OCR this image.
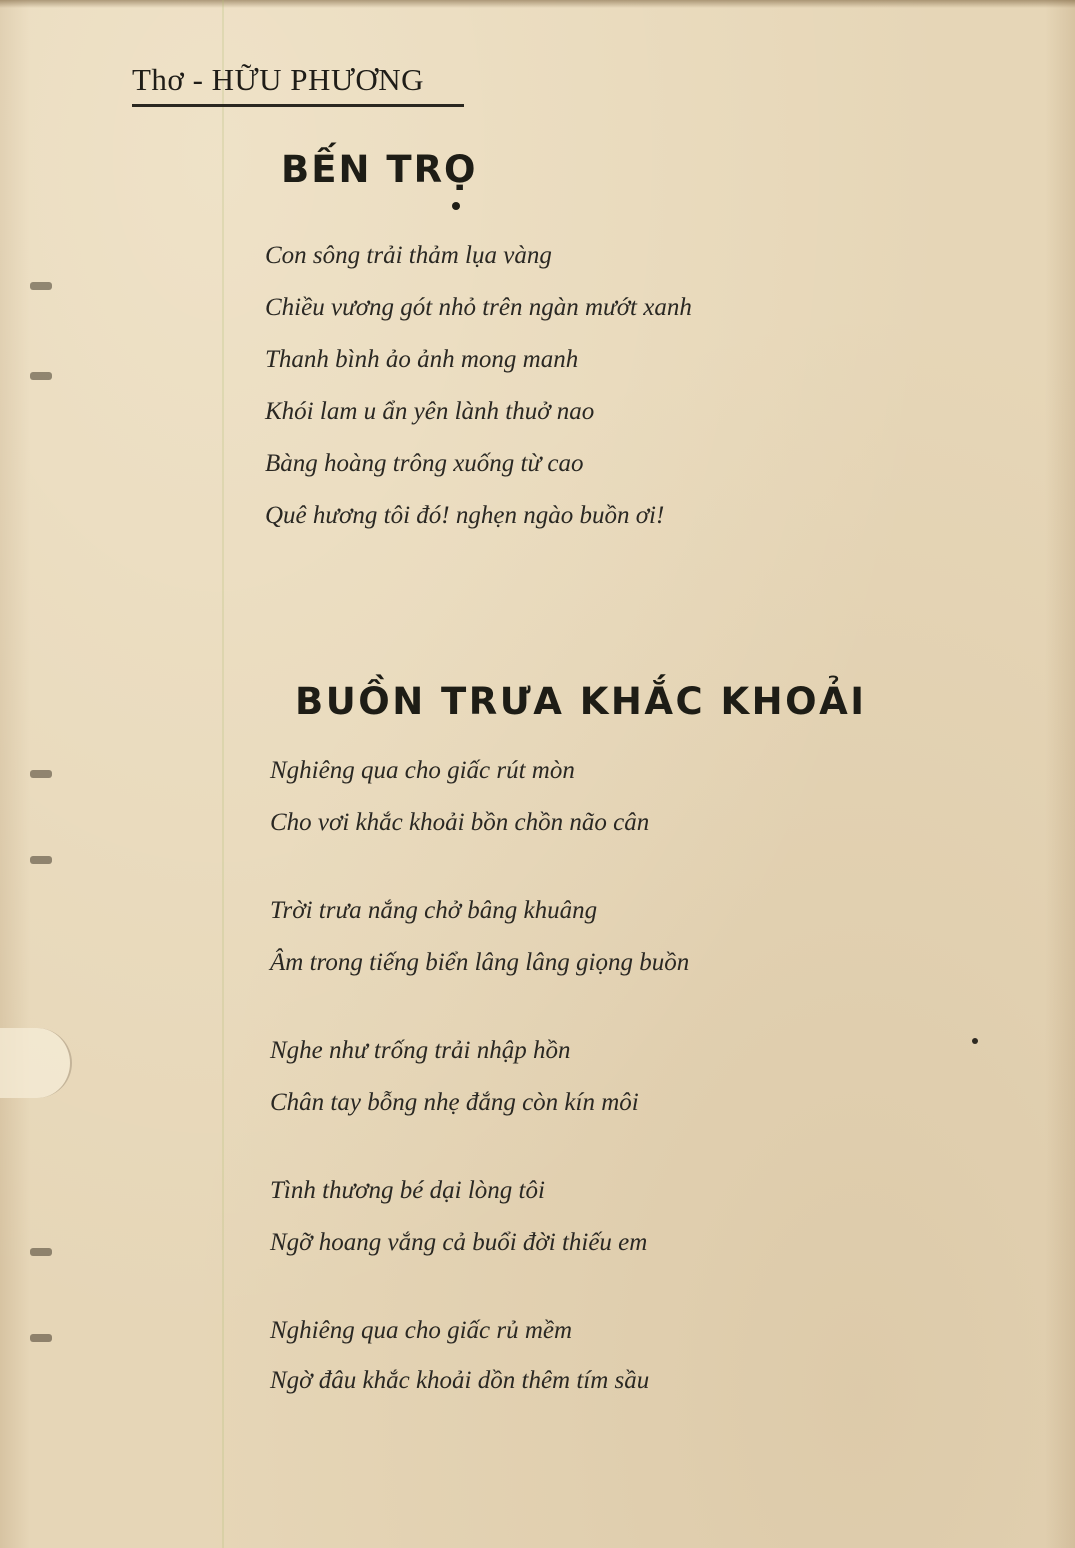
Thơ - HỮU PHƯƠNG
BẾN TRỌ
Con sông trải thảm lụa vàng
Chiều vương gót nhỏ trên ngàn mướt xanh
Thanh bình ảo ảnh mong manh
Khói lam u ẩn yên lành thuở nao
Bàng hoàng trông xuống từ cao
Quê hương tôi đó! nghẹn ngào buồn ơi!
BUỒN TRƯA KHẮC KHOẢI
Nghiêng qua cho giấc rút mòn
Cho vơi khắc khoải bồn chồn não cân
Trời trưa nắng chở bâng khuâng
Âm trong tiếng biển lâng lâng giọng buồn
Nghe như trống trải nhập hồn
Chân tay bỗng nhẹ đắng còn kín môi
Tình thương bé dại lòng tôi
Ngỡ hoang vắng cả buổi đời thiếu em
Nghiêng qua cho giấc rủ mềm
Ngờ đâu khắc khoải dồn thêm tím sầu
